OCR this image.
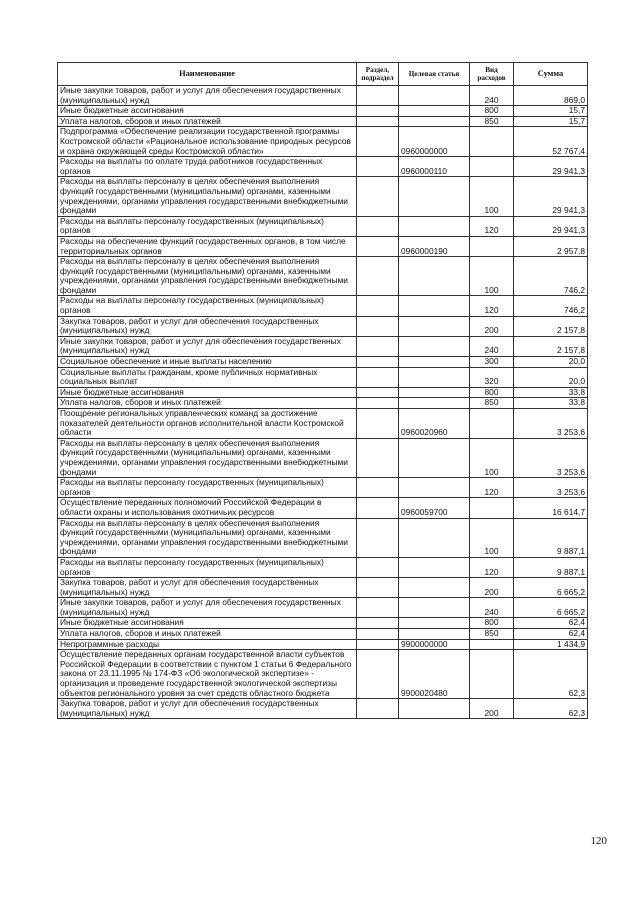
Наименование	Раздел, подраздел	Целевая статья	Вид расходов	Сумма
Иные закупки товаров, работ и услуг для обеспечения государственных (муниципальных) нужд			240	869,0
Иные бюджетные ассигнования			800	15,7
Уплата налогов, сборов и иных платежей			850	15,7
Подпрограмма «Обеспечение реализации государственной программы Костромской области «Рациональное использование природных ресурсов и охрана окружающей среды Костромской области»		0960000000		52 767,4
Расходы на выплаты по оплате труда работников государственных органов		0960000110		29 941,3
Расходы на выплаты персоналу в целях обеспечения выполнения функций государственными (муниципальными) органами, казенными учреждениями, органами управления государственными внебюджетными фондами			100	29 941,3
Расходы на выплаты персоналу государственных (муниципальных) органов			120	29 941,3
Расходы на обеспечение функций государственных органов, в том числе территориальных органов		0960000190		2 957,8
Расходы на выплаты персоналу в целях обеспечения выполнения функций государственными (муниципальными) органами, казенными учреждениями, органами управления государственными внебюджетными фондами			100	746,2
Расходы на выплаты персоналу государственных (муниципальных) органов			120	746,2
Закупка товаров, работ и услуг для обеспечения государственных (муниципальных) нужд			200	2 157,8
Иные закупки товаров, работ и услуг для обеспечения государственных (муниципальных) нужд			240	2 157,8
Социальное обеспечение и иные выплаты населению			300	20,0
Социальные выплаты гражданам, кроме публичных нормативных социальных выплат			320	20,0
Иные бюджетные ассигнования			800	33,8
Уплата налогов, сборов и иных платежей			850	33,8
Поощрение региональных управленческих команд за достижение показателей деятельности органов исполнительной власти Костромской области		0960020960		3 253,6
Расходы на выплаты персоналу в целях обеспечения выполнения функций государственными (муниципальными) органами, казенными учреждениями, органами управления государственными внебюджетными фондами			100	3 253,6
Расходы на выплаты персоналу государственных (муниципальных) органов			120	3 253,6
Осуществление переданных полномочий Российской Федерации в области охраны и использования охотничьих ресурсов		0960059700		16 614,7
Расходы на выплаты персоналу в целях обеспечения выполнения функций государственными (муниципальными) органами, казенными учреждениями, органами управления государственными внебюджетными фондами			100	9 887,1
Расходы на выплаты персоналу государственных (муниципальных) органов			120	9 887,1
Закупка товаров, работ и услуг для обеспечения государственных (муниципальных) нужд			200	6 665,2
Иные закупки товаров, работ и услуг для обеспечения государственных (муниципальных) нужд			240	6 665,2
Иные бюджетные ассигнования			800	62,4
Уплата налогов, сборов и иных платежей			850	62,4
Непрограммные расходы		9900000000		1 434,9
Осуществление переданных органам государственной власти субъектов Российской Федерации в соответствии с пунктом 1 статьи 6 Федерального закона от 23.11.1995 № 174-ФЗ «Об экологической экспертизе» - организация и проведение государственной экологической экспертизы объектов регионального уровня за счет средств областного бюджета		9900020480		62,3
Закупка товаров, работ и услуг для обеспечения государственных (муниципальных) нужд			200	62,3
120
